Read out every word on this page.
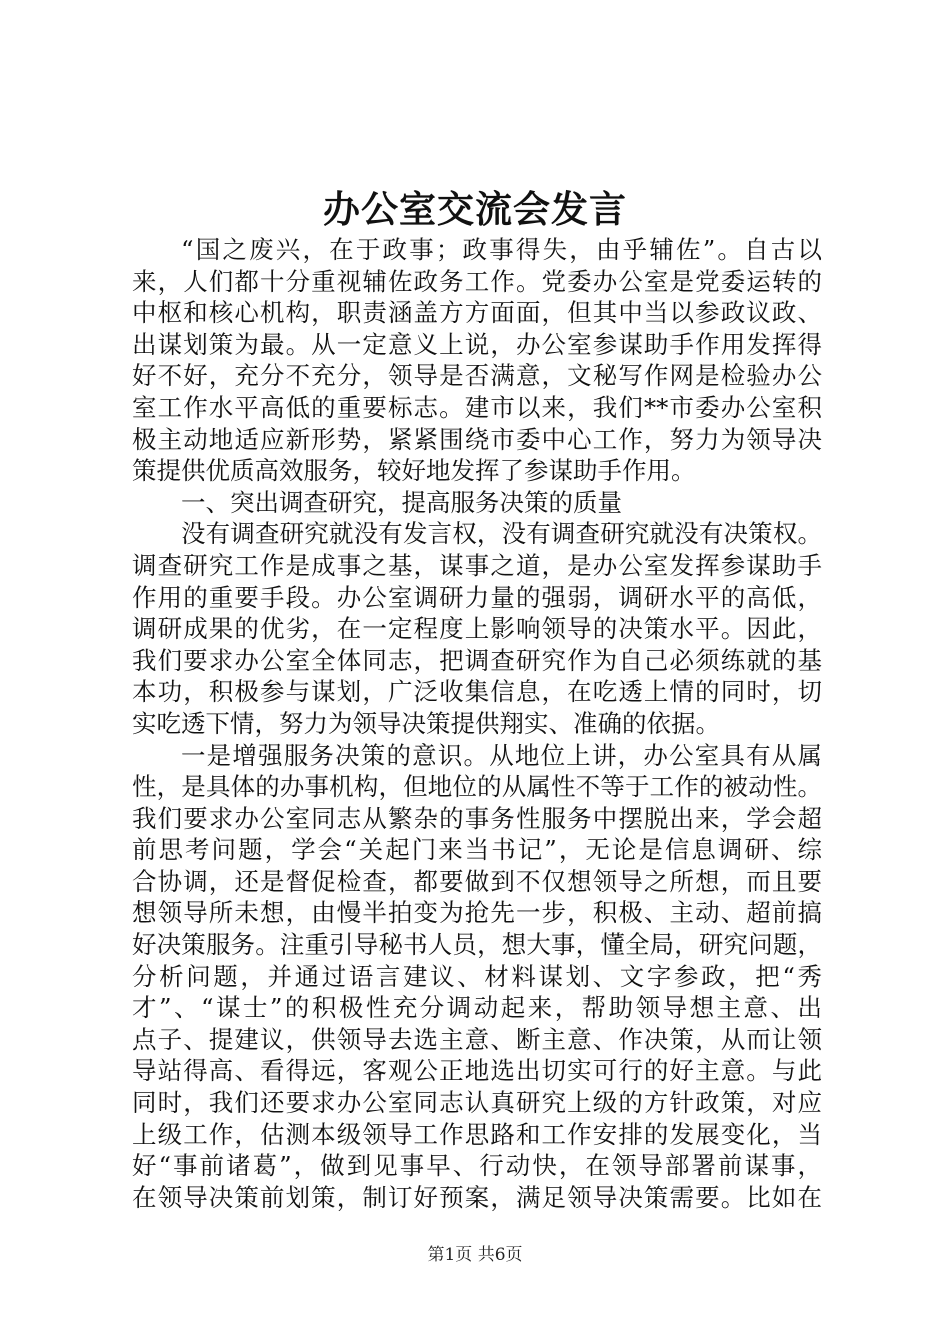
办公室交流会发言
“国之废兴，在于政事；政事得失，由乎辅佐”。自古以
来，人们都十分重视辅佐政务工作。党委办公室是党委运转的
中枢和核心机构，职责涵盖方方面面，但其中当以参政议政、
出谋划策为最。从一定意义上说，办公室参谋助手作用发挥得
好不好，充分不充分，领导是否满意，文秘写作网是检验办公
室工作水平高低的重要标志。建市以来，我们**市委办公室积
极主动地适应新形势，紧紧围绕市委中心工作，努力为领导决
策提供优质高效服务，较好地发挥了参谋助手作用。
一、突出调查研究，提高服务决策的质量
没有调查研究就没有发言权，没有调查研究就没有决策权。
调查研究工作是成事之基，谋事之道，是办公室发挥参谋助手
作用的重要手段。办公室调研力量的强弱，调研水平的高低，
调研成果的优劣，在一定程度上影响领导的决策水平。因此，
我们要求办公室全体同志，把调查研究作为自己必须练就的基
本功，积极参与谋划，广泛收集信息，在吃透上情的同时，切
实吃透下情，努力为领导决策提供翔实、准确的依据。
一是增强服务决策的意识。从地位上讲，办公室具有从属
性，是具体的办事机构，但地位的从属性不等于工作的被动性。
我们要求办公室同志从繁杂的事务性服务中摆脱出来，学会超
前思考问题，学会“关起门来当书记”，无论是信息调研、综
合协调，还是督促检查，都要做到不仅想领导之所想，而且要
想领导所未想，由慢半拍变为抢先一步，积极、主动、超前搞
好决策服务。注重引导秘书人员，想大事，懂全局，研究问题，
分析问题，并通过语言建议、材料谋划、文字参政，把“秀
才”、“谋士”的积极性充分调动起来，帮助领导想主意、出
点子、提建议，供领导去选主意、断主意、作决策，从而让领
导站得高、看得远，客观公正地选出切实可行的好主意。与此
同时，我们还要求办公室同志认真研究上级的方针政策，对应
上级工作，估测本级领导工作思路和工作安排的发展变化，当
好“事前诸葛”，做到见事早、行动快，在领导部署前谋事，
在领导决策前划策，制订好预案，满足领导决策需要。比如在
第1页 共6页
